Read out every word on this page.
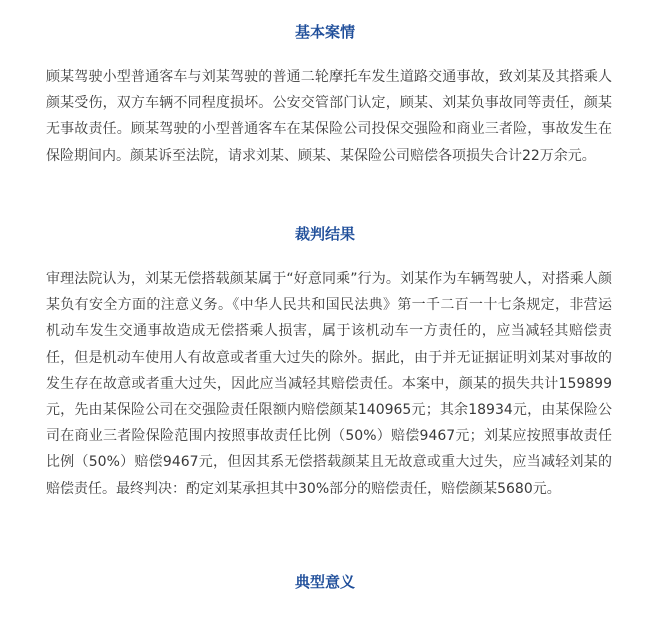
基本案情
顾某驾驶小型普通客车与刘某驾驶的普通二轮摩托车发生道路交通事故，致刘某及其搭乘人颜某受伤，双方车辆不同程度损坏。公安交管部门认定，顾某、刘某负事故同等责任，颜某无事故责任。顾某驾驶的小型普通客车在某保险公司投保交强险和商业三者险，事故发生在保险期间内。颜某诉至法院，请求刘某、顾某、某保险公司赔偿各项损失合计22万余元。
裁判结果
审理法院认为，刘某无偿搭载颜某属于“好意同乘”行为。刘某作为车辆驾驶人，对搭乘人颜某负有安全方面的注意义务。《中华人民共和国民法典》第一千二百一十七条规定，非营运机动车发生交通事故造成无偿搭乘人损害，属于该机动车一方责任的，应当减轻其赔偿责任，但是机动车使用人有故意或者重大过失的除外。据此，由于并无证据证明刘某对事故的发生存在故意或者重大过失，因此应当减轻其赔偿责任。本案中，颜某的损失共计159899元，先由某保险公司在交强险责任限额内赔偿颜某140965元；其余18934元，由某保险公司在商业三者险保险范围内按照事故责任比例（50%）赔偿9467元；刘某应按照事故责任比例（50%）赔偿9467元，但因其系无偿搭载颜某且无故意或重大过失，应当减轻刘某的赔偿责任。最终判决：酌定刘某承担其中30%部分的赔偿责任，赔偿颜某5680元。
典型意义
